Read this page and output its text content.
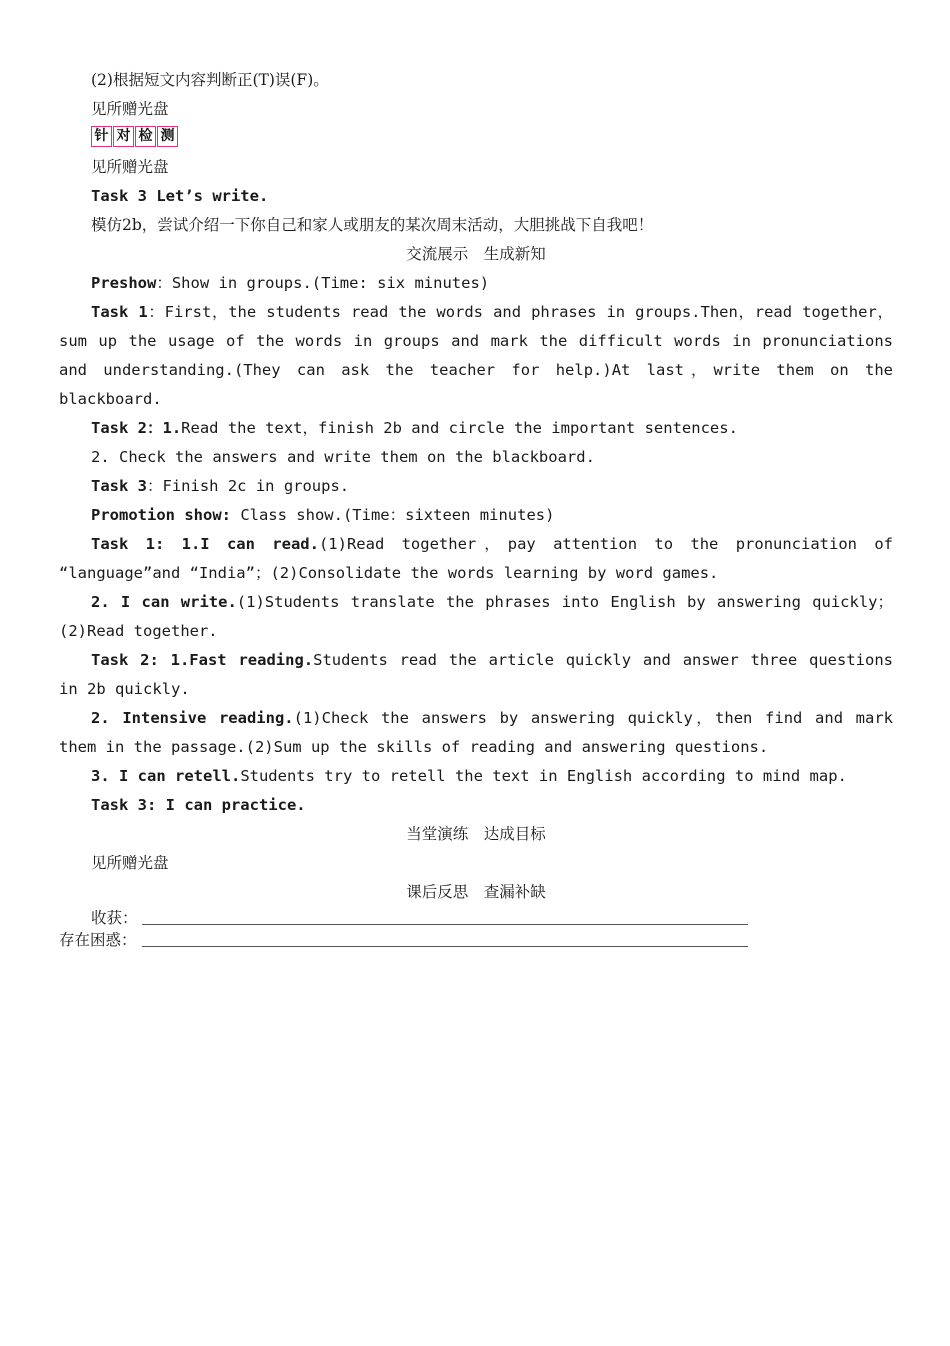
(2)根据短文内容判断正(T)误(F)。

见所赠光盘

针 对 检 测

见所赠光盘

Task 3 Let’s write.

模仿2b，尝试介绍一下你自己和家人或朋友的某次周末活动，大胆挑战下自我吧！

交流展示　生成新知

Preshow：Show in groups.(Time: six minutes)

Task 1：First，the students read the words and phrases in groups.Then，read together，sum up the usage of the words in groups and mark the difficult words in pronunciations and understanding.(They can ask the teacher for help.)At last，write them on the blackboard.

Task 2：1.Read the text，finish 2b and circle the important sentences.

2. Check the answers and write them on the blackboard.

Task 3：Finish 2c in groups.

Promotion show: Class show.(Time：sixteen minutes)

Task 1: 1.I can read.(1)Read together，pay attention to the pronunciation of “language”and “India”；(2)Consolidate the words learning by word games.

2. I can write.(1)Students translate the phrases into English by answering quickly；(2)Read together.

Task 2: 1.Fast reading.Students read the article quickly and answer three questions in 2b quickly.

2. Intensive reading.(1)Check the answers by answering quickly，then find and mark them in the passage.(2)Sum up the skills of reading and answering questions.

3. I can retell.Students try to retell the text in English according to mind map.

Task 3: I can practice.

当堂演练　达成目标

见所赠光盘

课后反思　查漏补缺

收获：
存在困惑：
